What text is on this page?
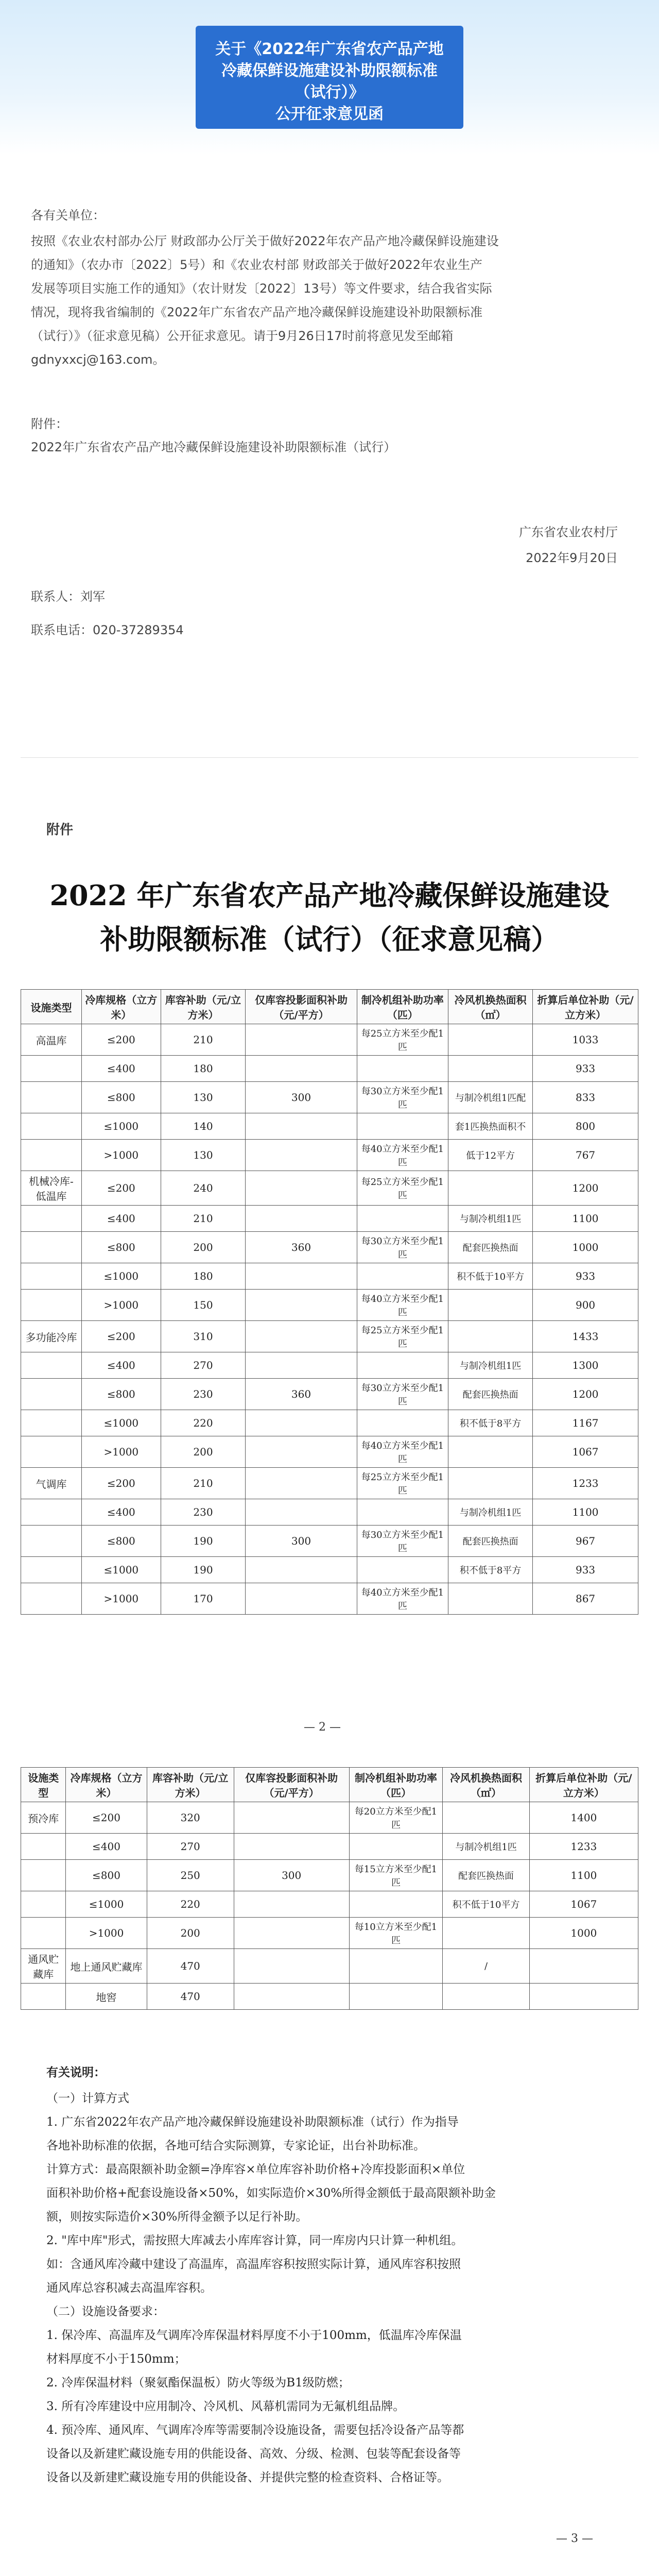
关于《2022年广东省农产品产地
冷藏保鲜设施建设补助限额标准
（试行）》
公开征求意见函
各有关单位：
按照《农业农村部办公厅 财政部办公厅关于做好2022年农产品产地冷藏保鲜设施建设
的通知》（农办市〔2022〕5号）和《农业农村部 财政部关于做好2022年农业生产
发展等项目实施工作的通知》（农计财发〔2022〕13号）等文件要求，结合我省实际
情况，现将我省编制的《2022年广东省农产品产地冷藏保鲜设施建设补助限额标准
（试行）》（征求意见稿）公开征求意见。请于9月26日17时前将意见发至邮箱
gdnyxxcj@163.com。
附件：
2022年广东省农产品产地冷藏保鲜设施建设补助限额标准（试行）
广东省农业农村厅
2022年9月20日
联系人：刘军
联系电话：020-37289354
附件
2022 年广东省农产品产地冷藏保鲜设施建设
补助限额标准（试行）（征求意见稿）
设施类型	冷库规格（立方米）	库容补助（元/立方米）	仅库容投影面积补助（元/平方）	制冷机组补助功率（匹）	冷风机换热面积（㎡）	折算后单位补助（元/立方米）
高温库	≤200	210		每25立方米至少配1匹		1033
	≤400	180				933
	≤800	130	300	每30立方米至少配1匹	与制冷机组1匹配	833
	≤1000	140			套1匹换热面积不	800
	>1000	130		每40立方米至少配1匹	低于12平方	767
机械冷库-低温库	≤200	240		每25立方米至少配1匹		1200
	≤400	210			与制冷机组1匹	1100
	≤800	200	360	每30立方米至少配1匹	配套匹换热面	1000
	≤1000	180			积不低于10平方	933
	>1000	150		每40立方米至少配1匹		900
多功能冷库	≤200	310		每25立方米至少配1匹		1433
	≤400	270			与制冷机组1匹	1300
	≤800	230	360	每30立方米至少配1匹	配套匹换热面	1200
	≤1000	220			积不低于8平方	1167
	>1000	200		每40立方米至少配1匹		1067
气调库	≤200	210		每25立方米至少配1匹		1233
	≤400	230			与制冷机组1匹	1100
	≤800	190	300	每30立方米至少配1匹	配套匹换热面	967
	≤1000	190			积不低于8平方	933
	>1000	170		每40立方米至少配1匹		867
— 2 —
设施类型	冷库规格（立方米）	库容补助（元/立方米）	仅库容投影面积补助（元/平方）	制冷机组补助功率（匹）	冷风机换热面积（㎡）	折算后单位补助（元/立方米）
预冷库	≤200	320		每20立方米至少配1匹		1400
	≤400	270			与制冷机组1匹	1233
	≤800	250	300	每15立方米至少配1匹	配套匹换热面	1100
	≤1000	220			积不低于10平方	1067
	>1000	200		每10立方米至少配1匹		1000
通风贮藏库	地上通风贮藏库	470			/	
	地窖	470				
有关说明：
（一）计算方式
1. 广东省2022年农产品产地冷藏保鲜设施建设补助限额标准（试行）作为指导
各地补助标准的依据，各地可结合实际测算，专家论证，出台补助标准。
计算方式：最高限额补助金额=净库容×单位库容补助价格+冷库投影面积×单位
面积补助价格+配套设施设备×50%，如实际造价×30%所得金额低于最高限额补助金
额，则按实际造价×30%所得金额予以足行补助。
2. "库中库"形式，需按照大库减去小库库容计算，同一库房内只计算一种机组。
如：含通风库冷藏中建设了高温库，高温库容积按照实际计算，通风库容积按照
通风库总容积减去高温库容积。
（二）设施设备要求：
1. 保冷库、高温库及气调库冷库保温材料厚度不小于100mm，低温库冷库保温
材料厚度不小于150mm；
2. 冷库保温材料（聚氨酯保温板）防火等级为B1级防燃；
3. 所有冷库建设中应用制冷、冷风机、风幕机需同为无氟机组品牌。
4. 预冷库、通风库、气调库冷库等需要制冷设施设备，需要包括冷设备产品等都
设备以及新建贮藏设施专用的供能设备、高效、分级、检测、包装等配套设备等
设备以及新建贮藏设施专用的供能设备、并提供完整的检查资料、合格证等。
— 3 —
